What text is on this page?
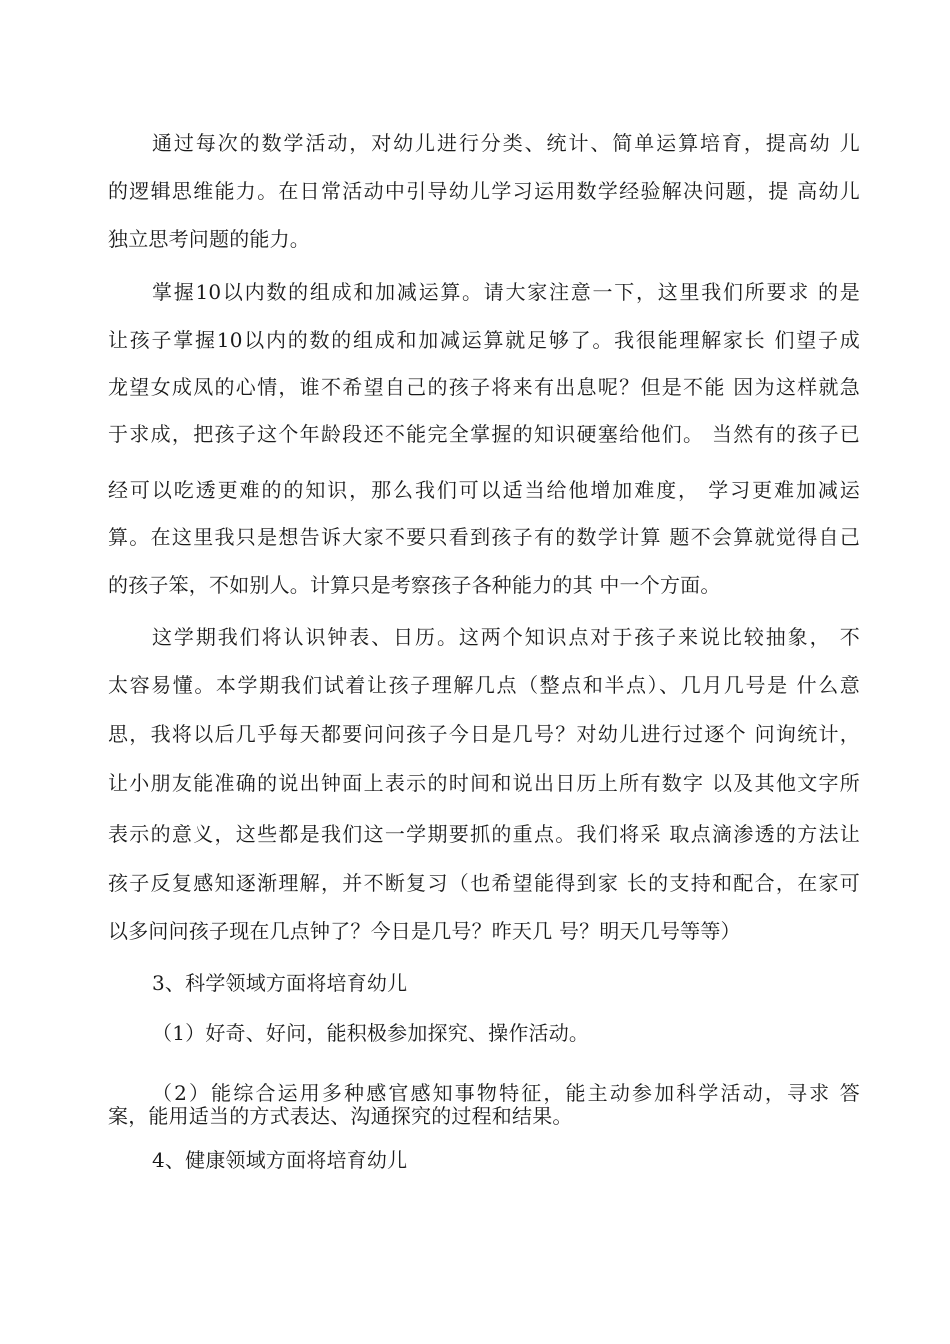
通过每次的数学活动，对幼儿进行分类、统计、简单运算培育，提高幼 儿
的逻辑思维能力。在日常活动中引导幼儿学习运用数学经验解决问题，提 高幼儿
独立思考问题的能力。
掌握10以内数的组成和加减运算。请大家注意一下，这里我们所要求 的是
让孩子掌握10以内的数的组成和加减运算就足够了。我很能理解家长 们望子成
龙望女成凤的心情，谁不希望自己的孩子将来有出息呢？但是不能 因为这样就急
于求成，把孩子这个年龄段还不能完全掌握的知识硬塞给他们。 当然有的孩子已
经可以吃透更难的的知识，那么我们可以适当给他增加难度， 学习更难加减运
算。在这里我只是想告诉大家不要只看到孩子有的数学计算 题不会算就觉得自己
的孩子笨，不如别人。计算只是考察孩子各种能力的其 中一个方面。
这学期我们将认识钟表、日历。这两个知识点对于孩子来说比较抽象， 不
太容易懂。本学期我们试着让孩子理解几点（整点和半点）、几月几号是 什么意
思，我将以后几乎每天都要问问孩子今日是几号？对幼儿进行过逐个 问询统计，
让小朋友能准确的说出钟面上表示的时间和说出日历上所有数字 以及其他文字所
表示的意义，这些都是我们这一学期要抓的重点。我们将采 取点滴渗透的方法让
孩子反复感知逐渐理解，并不断复习（也希望能得到家 长的支持和配合，在家可
以多问问孩子现在几点钟了？今日是几号？昨天几 号？明天几号等等）
3、科学领域方面将培育幼儿
（1）好奇、好问，能积极参加探究、操作活动。
（2）能综合运用多种感官感知事物特征，能主动参加科学活动，寻求 答
案，能用适当的方式表达、沟通探究的过程和结果。
4、健康领域方面将培育幼儿
